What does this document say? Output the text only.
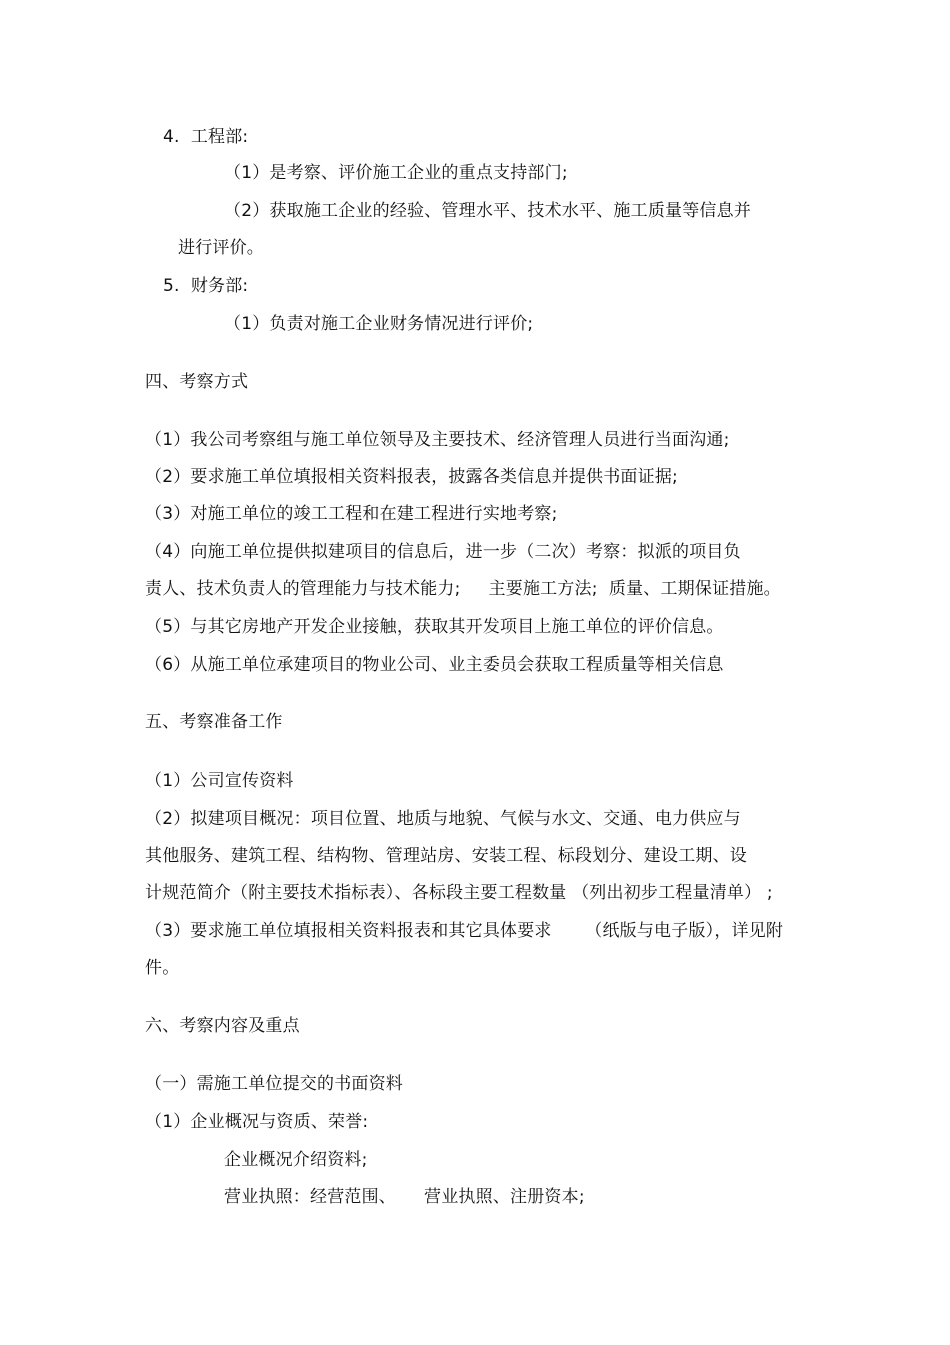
4.  工程部:
（1）是考察、评价施工企业的重点支持部门;
（2）获取施工企业的经验、管理水平、技术水平、施工质量等信息并
进行评价。
5.  财务部:
（1）负责对施工企业财务情况进行评价;
四、考察方式
（1）我公司考察组与施工单位领导及主要技术、经济管理人员进行当面沟通;
（2）要求施工单位填报相关资料报表，披露各类信息并提供书面证据;
（3）对施工单位的竣工工程和在建工程进行实地考察;
（4）向施工单位提供拟建项目的信息后，进一步（二次）考察：拟派的项目负
责人、技术负责人的管理能力与技术能力;     主要施工方法;  质量、工期保证措施。
（5）与其它房地产开发企业接触，获取其开发项目上施工单位的评价信息。
（6）从施工单位承建项目的物业公司、业主委员会获取工程质量等相关信息
五、考察准备工作
（1）公司宣传资料
（2）拟建项目概况：项目位置、地质与地貌、气候与水文、交通、电力供应与
其他服务、建筑工程、结构物、管理站房、安装工程、标段划分、建设工期、设
计规范简介（附主要技术指标表）、各标段主要工程数量 （列出初步工程量清单） ;
（3）要求施工单位填报相关资料报表和其它具体要求      （纸版与电子版），详见附
件。
六、考察内容及重点
（一）需施工单位提交的书面资料
（1）企业概况与资质、荣誉:
企业概况介绍资料;
营业执照：经营范围、     营业执照、注册资本;
